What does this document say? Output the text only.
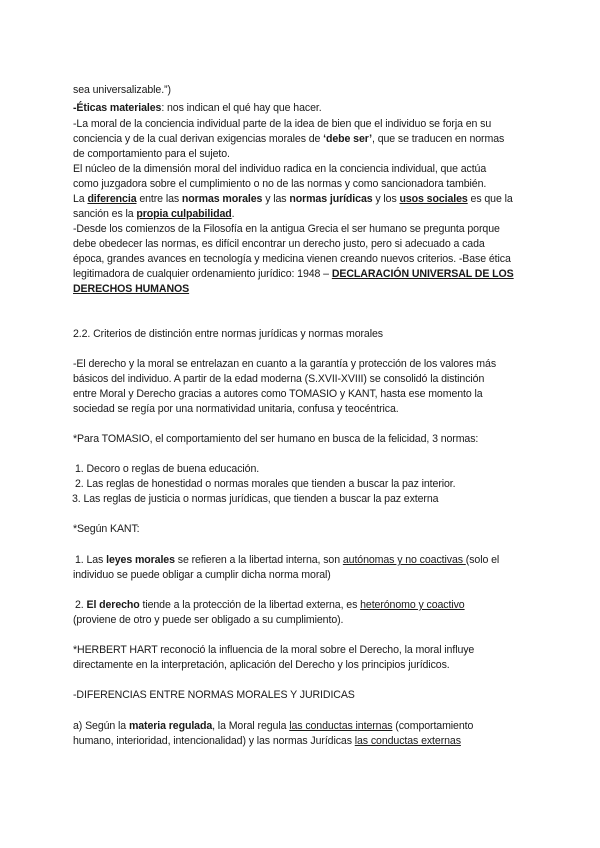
sea universalizable.”)
-Éticas materiales: nos indican el qué hay que hacer.
-La moral de la conciencia individual parte de la idea de bien que el individuo se forja en su
conciencia y de la cual derivan exigencias morales de ‘debe ser’, que se traducen en normas
de comportamiento para el sujeto.
El núcleo de la dimensión moral del individuo radica en la conciencia individual, que actúa
como juzgadora sobre el cumplimiento o no de las normas y como sancionadora también.
La diferencia entre las normas morales y las normas jurídicas y los usos sociales es que la
sanción es la propia culpabilidad.
-Desde los comienzos de la Filosofía en la antigua Grecia el ser humano se pregunta porque
debe obedecer las normas, es difícil encontrar un derecho justo, pero si adecuado a cada
época, grandes avances en tecnología y medicina vienen creando nuevos criterios. -Base ética
legitimadora de cualquier ordenamiento jurídico: 1948 – DECLARACIÓN UNIVERSAL DE LOS
DERECHOS HUMANOS
2.2. Criterios de distinción entre normas jurídicas y normas morales
-El derecho y la moral se entrelazan en cuanto a la garantía y protección de los valores más
básicos del individuo. A partir de la edad moderna (S.XVII-XVIII) se consolidó la distinción
entre Moral y Derecho gracias a autores como TOMASIO y KANT, hasta ese momento la
sociedad se regía por una normatividad unitaria, confusa y teocéntrica.
*Para TOMASIO, el comportamiento del ser humano en busca de la felicidad, 3 normas:
1. Decoro o reglas de buena educación.
2. Las reglas de honestidad o normas morales que tienden a buscar la paz interior.
3. Las reglas de justicia o normas jurídicas, que tienden a buscar la paz externa
*Según KANT:
1. Las leyes morales se refieren a la libertad interna, son autónomas y no coactivas (solo el
individuo se puede obligar a cumplir dicha norma moral)
2. El derecho tiende a la protección de la libertad externa, es heterónomo y coactivo
(proviene de otro y puede ser obligado a su cumplimiento).
*HERBERT HART reconoció la influencia de la moral sobre el Derecho, la moral influye
directamente en la interpretación, aplicación del Derecho y los principios jurídicos.
-DIFERENCIAS ENTRE NORMAS MORALES Y JURIDICAS
a) Según la materia regulada, la Moral regula las conductas internas (comportamiento
humano, interioridad, intencionalidad) y las normas Jurídicas las conductas externas
